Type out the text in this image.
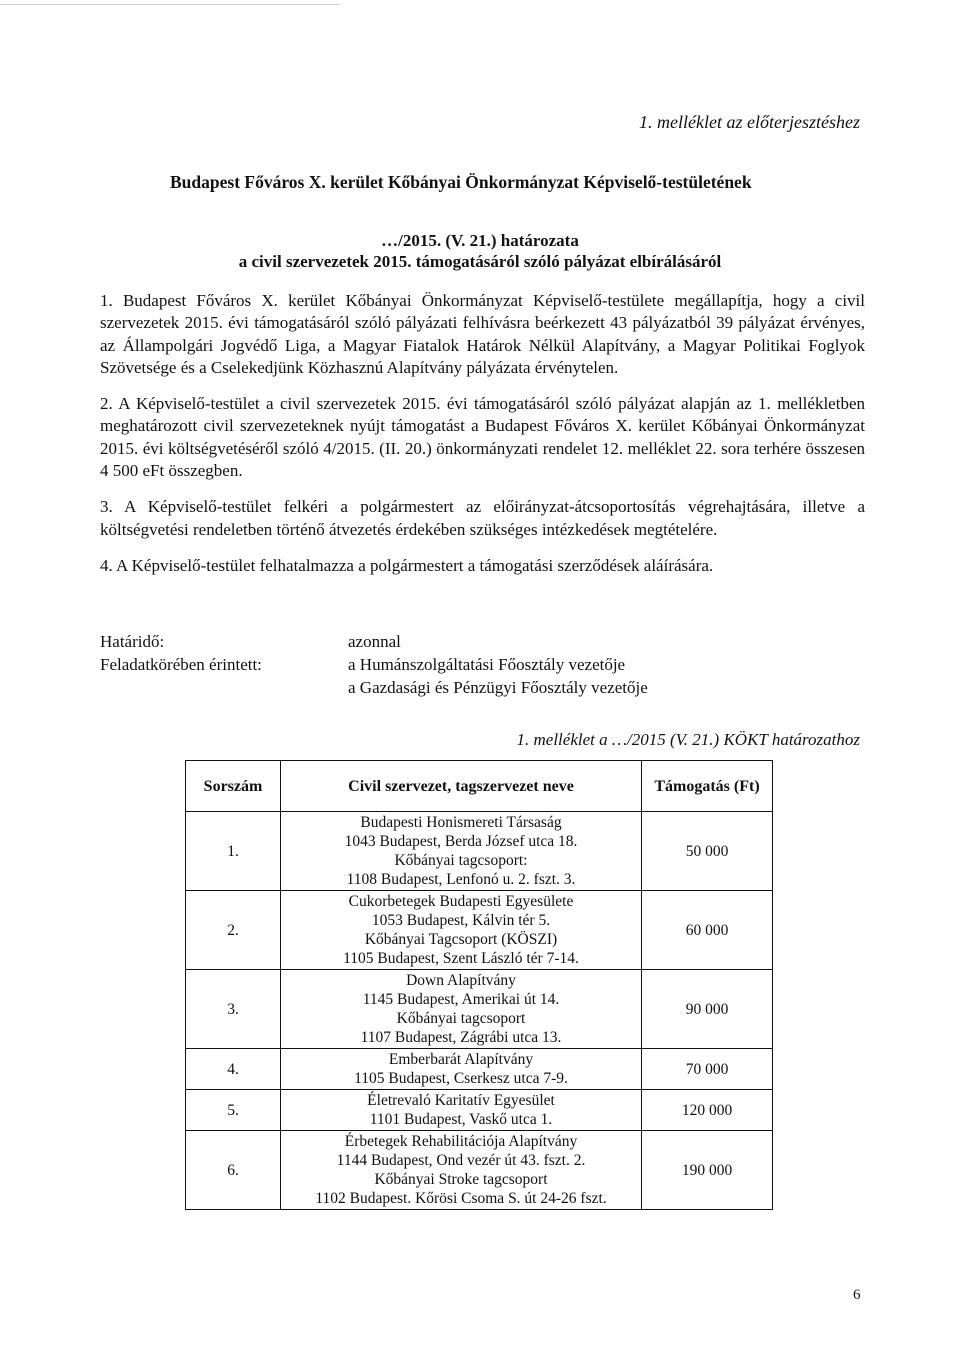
1. melléklet az előterjesztéshez
Budapest Főváros X. kerület Kőbányai Önkormányzat Képviselő-testületének
…/2015. (V. 21.) határozata
a civil szervezetek 2015. támogatásáról szóló pályázat elbírálásáról

1. Budapest Főváros X. kerület Kőbányai Önkormányzat Képviselő-testülete megállapítja, hogy a civil szervezetek 2015. évi támogatásáról szóló pályázati felhívásra beérkezett 43 pályázatból 39 pályázat érvényes, az Állampolgári Jogvédő Liga, a Magyar Fiatalok Határok Nélkül Alapítvány, a Magyar Politikai Foglyok Szövetsége és a Cselekedjünk Közhasznú Alapítvány pályázata érvénytelen.

2. A Képviselő-testület a civil szervezetek 2015. évi támogatásáról szóló pályázat alapján az 1. mellékletben meghatározott civil szervezeteknek nyújt támogatást a Budapest Főváros X. kerület Kőbányai Önkormányzat 2015. évi költségvetéséről szóló 4/2015. (II. 20.) önkormányzati rendelet 12. melléklet 22. sora terhére összesen 4 500 eFt összegben.

3. A Képviselő-testület felkéri a polgármestert az előirányzat-átcsoportosítás végrehajtására, illetve a költségvetési rendeletben történő átvezetés érdekében szükséges intézkedések megtételére.

4. A Képviselő-testület felhatalmazza a polgármestert a támogatási szerződések aláírására.

Határidő:	azonnal
Feladatkörében érintett:	a Humánszolgáltatási Főosztály vezetője
a Gazdasági és Pénzügyi Főosztály vezetője
1. melléklet a …/2015 (V. 21.) KÖKT határozathoz
Sorszám	Civil szervezet, tagszervezet neve	Támogatás (Ft)
1.	Budapesti Honismereti Társaság
1043 Budapest, Berda József utca 18.
Kőbányai tagcsoport:
1108 Budapest, Lenfonó u. 2. fszt. 3.	50 000
2.	Cukorbetegek Budapesti Egyesülete
1053 Budapest, Kálvin tér 5.
Kőbányai Tagcsoport (KÖSZI)
1105 Budapest, Szent László tér 7-14.	60 000
3.	Down Alapítvány
1145 Budapest, Amerikai út 14.
Kőbányai tagcsoport
1107 Budapest, Zágrábi utca 13.	90 000
4.	Emberbarát Alapítvány
1105 Budapest, Cserkesz utca 7-9.	70 000
5.	Életrevaló Karitatív Egyesület
1101 Budapest, Vaskő utca 1.	120 000
6.	Érbetegek Rehabilitációja Alapítvány
1144 Budapest, Ond vezér út 43. fszt. 2.
Kőbányai Stroke tagcsoport
1102 Budapest. Kőrösi Csoma S. út 24-26 fszt.	190 000
6
